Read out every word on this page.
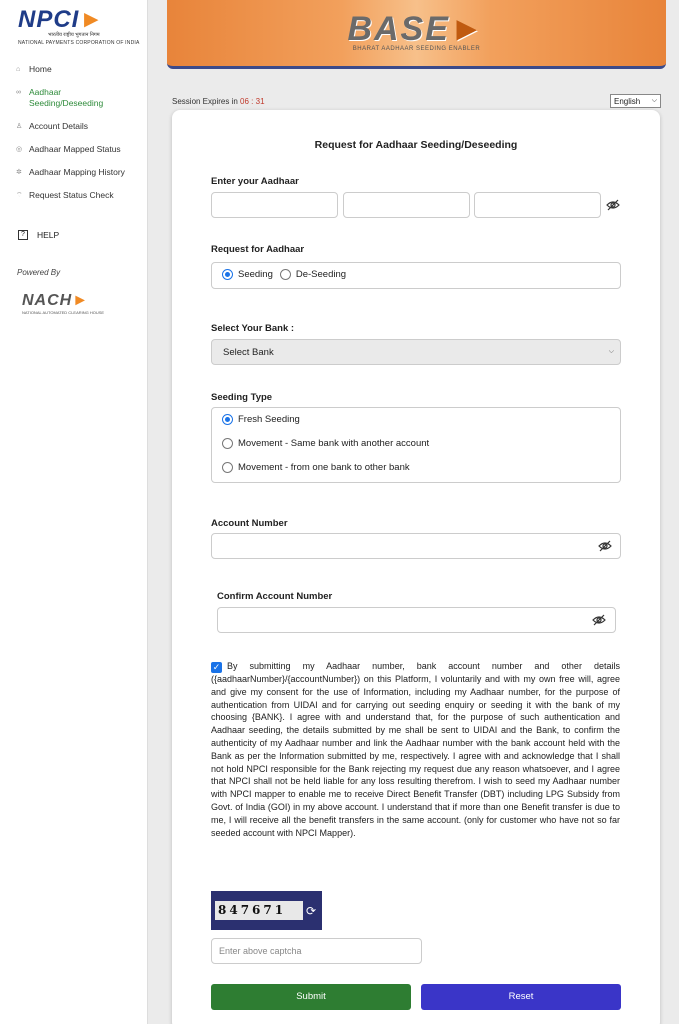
NPCI►
भारतीय राष्ट्रीय भुगतान निगम
NATIONAL PAYMENTS CORPORATION OF INDIA
⌂	Home
∞ Aadhaar Seeding/Deseeding
♙ Account Details
◎ Aadhaar Mapped Status
✲ Aadhaar Mapping History
⌔ Request Status Check
?	HELP
Powered By
NACH►
NATIONAL AUTOMATED CLEARING HOUSE
BASE►
BHARAT AADHAAR SEEDING ENABLER
Session Expires in 06 : 31	English ⌵
Request for Aadhaar Seeding/Deseeding
Enter your Aadhaar
Request for Aadhaar
Seeding De-Seeding
Select Your Bank :
Select Bank	⌵
Seeding Type
Fresh Seeding
Movement - Same bank with another account
Movement - from one bank to other bank
Account Number
Confirm Account Number
✓ By submitting my Aadhaar number, bank account number and other details ({aadhaarNumber}/{accountNumber}) on this Platform, I voluntarily and with my own free will, agree and give my consent for the use of Information, including my Aadhaar number, for the purpose of authentication from UIDAI and for carrying out seeding enquiry or seeding it with the bank of my choosing {BANK}. I agree with and understand that, for the purpose of such authentication and Aadhaar seeding, the details submitted by me shall be sent to UIDAI and the Bank, to confirm the authenticity of my Aadhaar number and link the Aadhaar number with the bank account held with the Bank as per the Information submitted by me, respectively. I agree with and acknowledge that I shall not hold NPCI responsible for the Bank rejecting my request due any reason whatsoever, and I agree that NPCI shall not be held liable for any loss resulting therefrom. I wish to seed my Aadhaar number with NPCI mapper to enable me to receive Direct Benefit Transfer (DBT) including LPG Subsidy from Govt. of India (GOI) in my above account. I understand that if more than one Benefit transfer is due to me, I will receive all the benefit transfers in the same account. (only for customer who have not so far seeded account with NPCI Mapper).
847671	⟳
Enter above captcha
Submit	Reset
